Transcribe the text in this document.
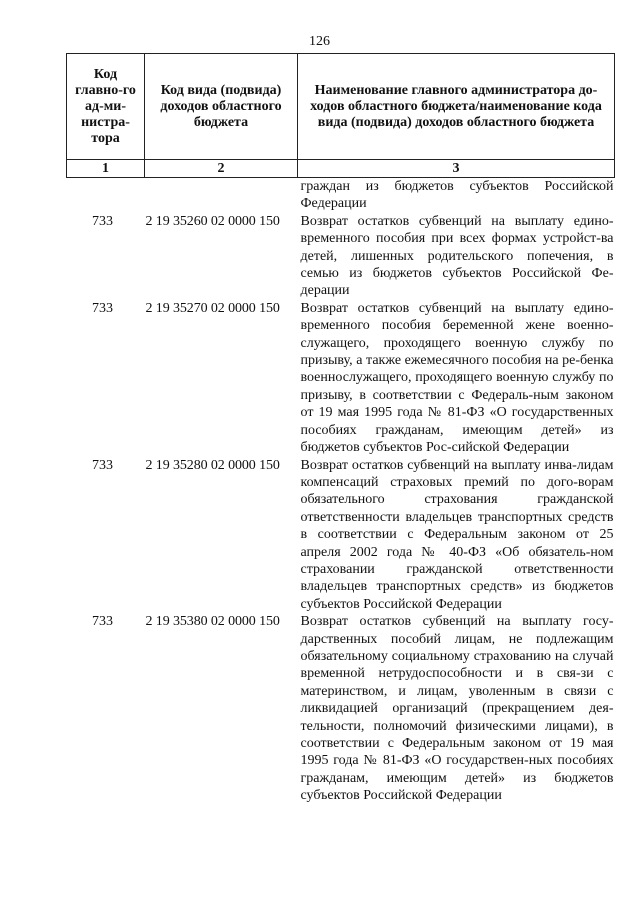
126
Код главно-го ад-ми-нистра-тора	Код вида (подвида) доходов областного бюджета	Наименование главного администратора до-ходов областного бюджета/наименование кода вида (подвида) доходов областного бюджета
1	2	3
		граждан из бюджетов субъектов Российской Федерации
733	2 19 35260 02 0000 150	Возврат остатков субвенций на выплату едино-временного пособия при всех формах устройст-ва детей, лишенных родительского попечения, в семью из бюджетов субъектов Российской Фе-дерации
733	2 19 35270 02 0000 150	Возврат остатков субвенций на выплату едино-временного пособия беременной жене военно-служащего, проходящего военную службу по призыву, а также ежемесячного пособия на ре-бенка военнослужащего, проходящего военную службу по призыву, в соответствии с Федераль-ным законом от 19 мая 1995 года № 81-ФЗ «О государственных пособиях гражданам, имеющим детей» из бюджетов субъектов Рос-сийской Федерации
733	2 19 35280 02 0000 150	Возврат остатков субвенций на выплату инва-лидам компенсаций страховых премий по дого-ворам обязательного страхования гражданской ответственности владельцев транспортных средств в соответствии с Федеральным законом от 25 апреля 2002 года № 40-ФЗ «Об обязатель-ном страховании гражданской ответственности владельцев транспортных средств» из бюджетов субъектов Российской Федерации
733	2 19 35380 02 0000 150	Возврат остатков субвенций на выплату госу-дарственных пособий лицам, не подлежащим обязательному социальному страхованию на случай временной нетрудоспособности и в свя-зи с материнством, и лицам, уволенным в связи с ликвидацией организаций (прекращением дея-тельности, полномочий физическими лицами), в соответствии с Федеральным законом от 19 мая 1995 года № 81-ФЗ «О государствен-ных пособиях гражданам, имеющим детей» из бюджетов субъектов Российской Федерации
